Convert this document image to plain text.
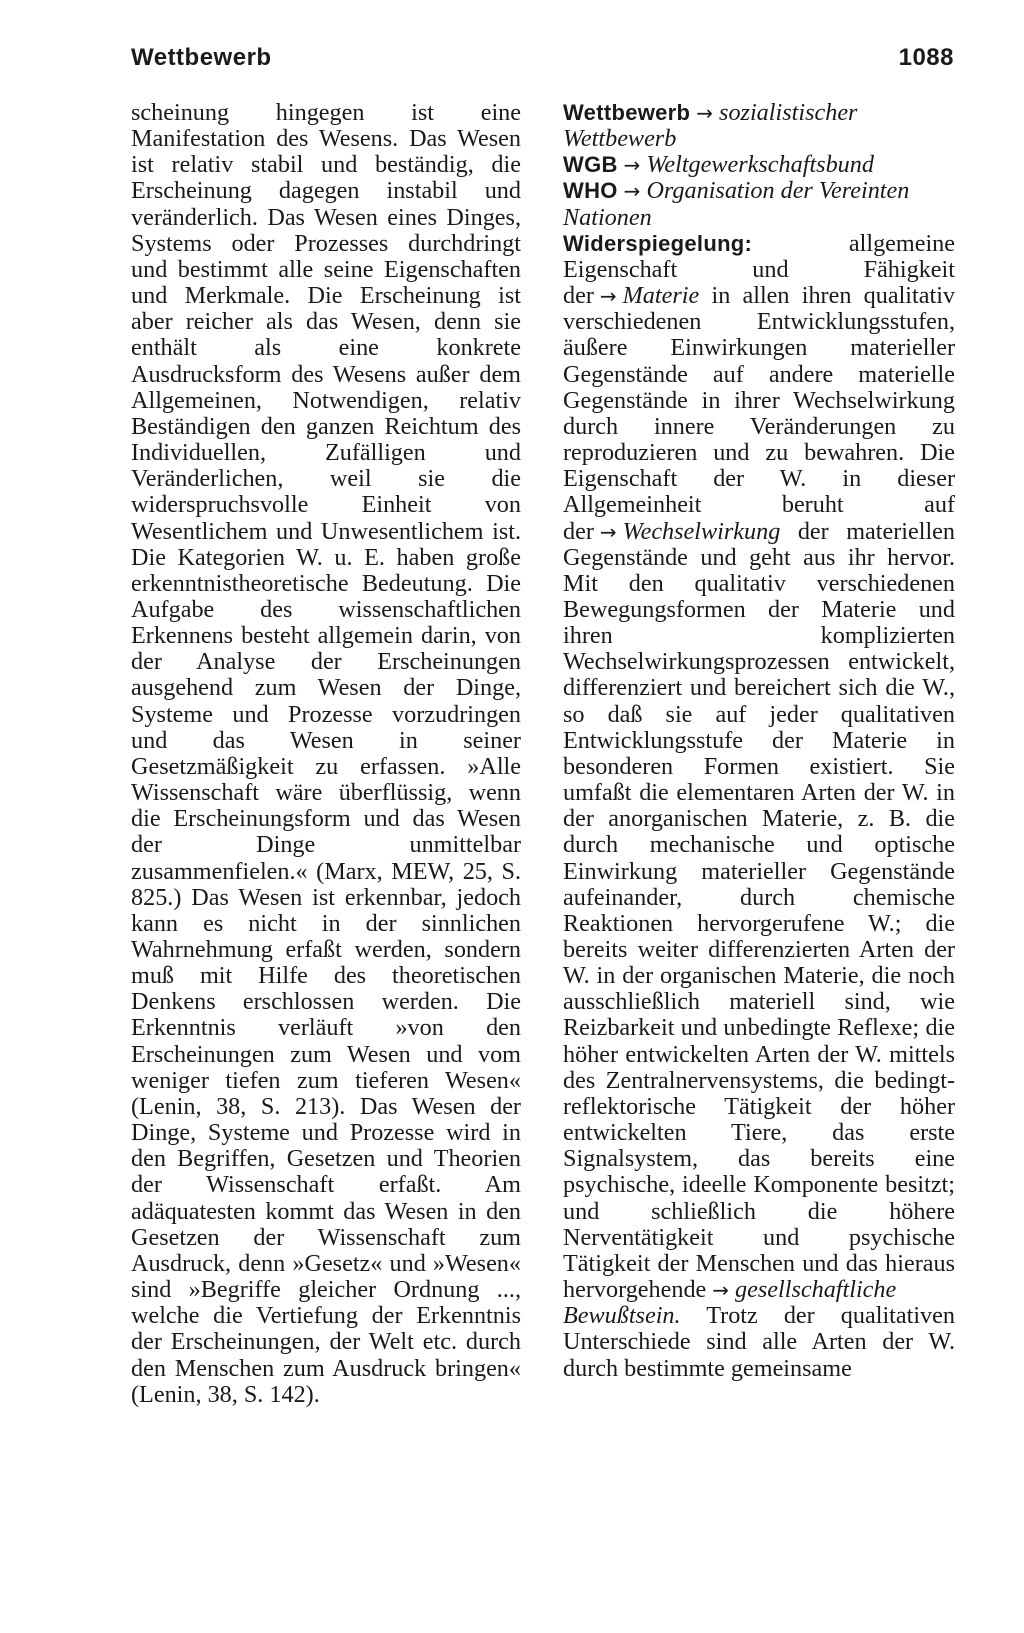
Wettbewerb	1088

scheinung hingegen ist eine Manifestation des Wesens. Das Wesen ist relativ stabil und beständig, die Erscheinung dagegen instabil und veränderlich. Das Wesen eines Dinges, Systems oder Prozesses durchdringt und bestimmt alle seine Eigenschaften und Merkmale. Die Erscheinung ist aber reicher als das Wesen, denn sie enthält als eine konkrete Ausdrucksform des Wesens außer dem Allgemeinen, Notwendigen, relativ Beständigen den ganzen Reichtum des Individuellen, Zufälligen und Veränderlichen, weil sie die widerspruchsvolle Einheit von Wesentlichem und Unwesentlichem ist. Die Kategorien W. u. E. haben große erkenntnistheoretische Bedeutung. Die Aufgabe des wissenschaftlichen Erkennens besteht allgemein darin, von der Analyse der Erscheinungen ausgehend zum Wesen der Dinge, Systeme und Prozesse vorzudringen und das Wesen in seiner Gesetzmäßigkeit zu erfassen. »Alle Wissenschaft wäre überflüssig, wenn die Erscheinungsform und das Wesen der Dinge unmittelbar zusammenfielen.« (Marx, MEW, 25, S. 825.) Das Wesen ist erkennbar, jedoch kann es nicht in der sinnlichen Wahrnehmung erfaßt werden, sondern muß mit Hilfe des theoretischen Denkens erschlossen werden. Die Erkenntnis verläuft »von den Erscheinungen zum Wesen und vom weniger tiefen zum tieferen Wesen« (Lenin, 38, S. 213). Das Wesen der Dinge, Systeme und Prozesse wird in den Begriffen, Gesetzen und Theorien der Wissenschaft erfaßt. Am adäquatesten kommt das Wesen in den Gesetzen der Wissenschaft zum Ausdruck, denn »Gesetz« und »Wesen« sind »Begriffe gleicher Ordnung ..., welche die Vertiefung der Erkenntnis der Erscheinungen, der Welt etc. durch den Menschen zum Ausdruck bringen« (Lenin, 38, S. 142).

Wettbewerb → sozialistischer Wettbewerb

WGB → Weltgewerkschaftsbund

WHO → Organisation der Vereinten Nationen

Widerspiegelung:	allgemeine Eigenschaft und Fähigkeit der → Materie in allen ihren qualitativ verschiedenen Entwicklungsstufen, äußere Einwirkungen materieller Gegenstände auf andere materielle Gegenstände in ihrer Wechselwirkung durch innere Veränderungen zu reproduzieren und zu bewahren. Die Eigenschaft der W. in dieser Allgemeinheit beruht auf der → Wechselwirkung der materiellen Gegenstände und geht aus ihr hervor. Mit den qualitativ verschiedenen Bewegungsformen der Materie und ihren komplizierten Wechselwirkungsprozessen entwickelt, differenziert und bereichert sich die W., so daß sie auf jeder qualitativen Entwicklungsstufe der Materie in besonderen Formen existiert. Sie umfaßt die elementaren Arten der W. in der anorganischen Materie, z. B. die durch mechanische und optische Einwirkung materieller Gegenstände aufeinander, durch chemische Reaktionen hervorgerufene W.; die bereits weiter differenzierten Arten der W. in der organischen Materie, die noch ausschließlich materiell sind, wie Reizbarkeit und unbedingte Reflexe; die höher entwickelten Arten der W. mittels des Zentralnervensystems, die bedingt-reflektorische Tätigkeit der höher entwickelten Tiere, das erste Signalsystem, das bereits eine psychische, ideelle Komponente besitzt; und schließlich die höhere Nerventätigkeit und psychische Tätigkeit der Menschen und das hieraus hervorgehende → gesellschaftliche Bewußtsein. Trotz der qualitativen Unterschiede sind alle Arten der W. durch bestimmte gemeinsame
